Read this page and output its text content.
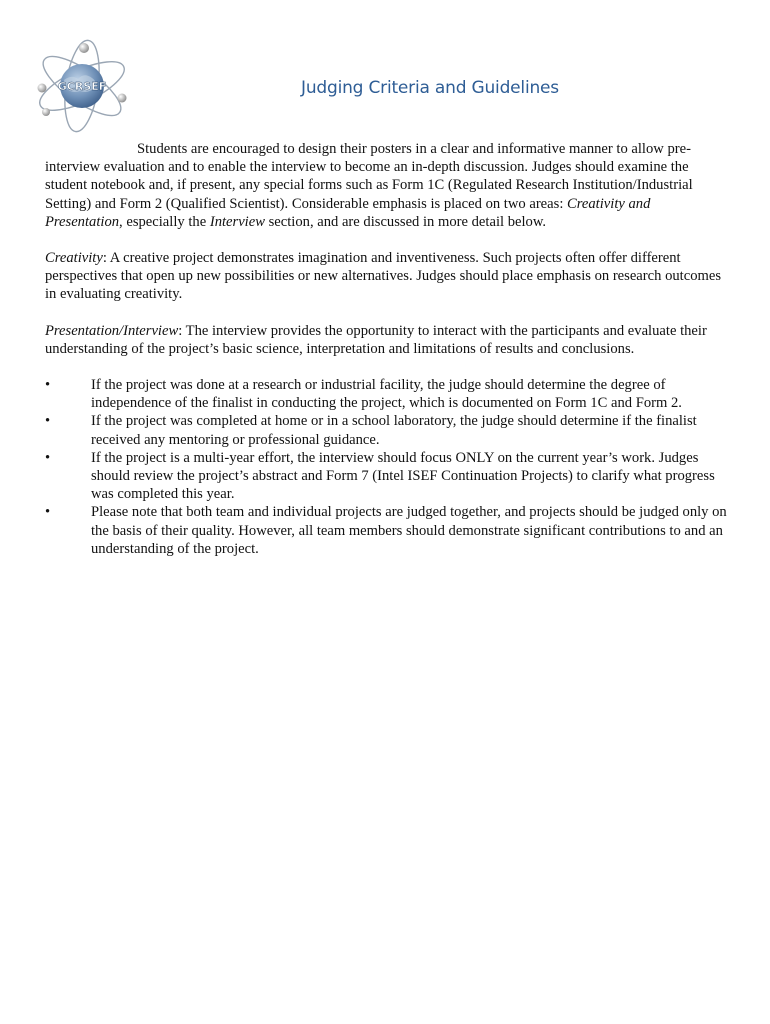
GCRSEF	Judging Criteria and Guidelines

Students are encouraged to design their posters in a clear and informative manner to allow pre-interview evaluation and to enable the interview to become an in-depth discussion. Judges should examine the student notebook and, if present, any special forms such as Form 1C (Regulated Research Institution/Industrial Setting) and Form 2 (Qualified Scientist). Considerable emphasis is placed on two areas: Creativity and Presentation, especially the Interview section, and are discussed in more detail below.

Creativity: A creative project demonstrates imagination and inventiveness. Such projects often offer different perspectives that open up new possibilities or new alternatives. Judges should place emphasis on research outcomes in evaluating creativity.

Presentation/Interview: The interview provides the opportunity to interact with the participants and evaluate their understanding of the project’s basic science, interpretation and limitations of results and conclusions.

•	If the project was done at a research or industrial facility, the judge should determine the degree of independence of the finalist in conducting the project, which is documented on Form 1C and Form 2.
•	If the project was completed at home or in a school laboratory, the judge should determine if the finalist received any mentoring or professional guidance.
•	If the project is a multi-year effort, the interview should focus ONLY on the current year’s work. Judges should review the project’s abstract and Form 7 (Intel ISEF Continuation Projects) to clarify what progress was completed this year.
•	Please note that both team and individual projects are judged together, and projects should be judged only on the basis of their quality. However, all team members should demonstrate significant contributions to and an understanding of the project.
